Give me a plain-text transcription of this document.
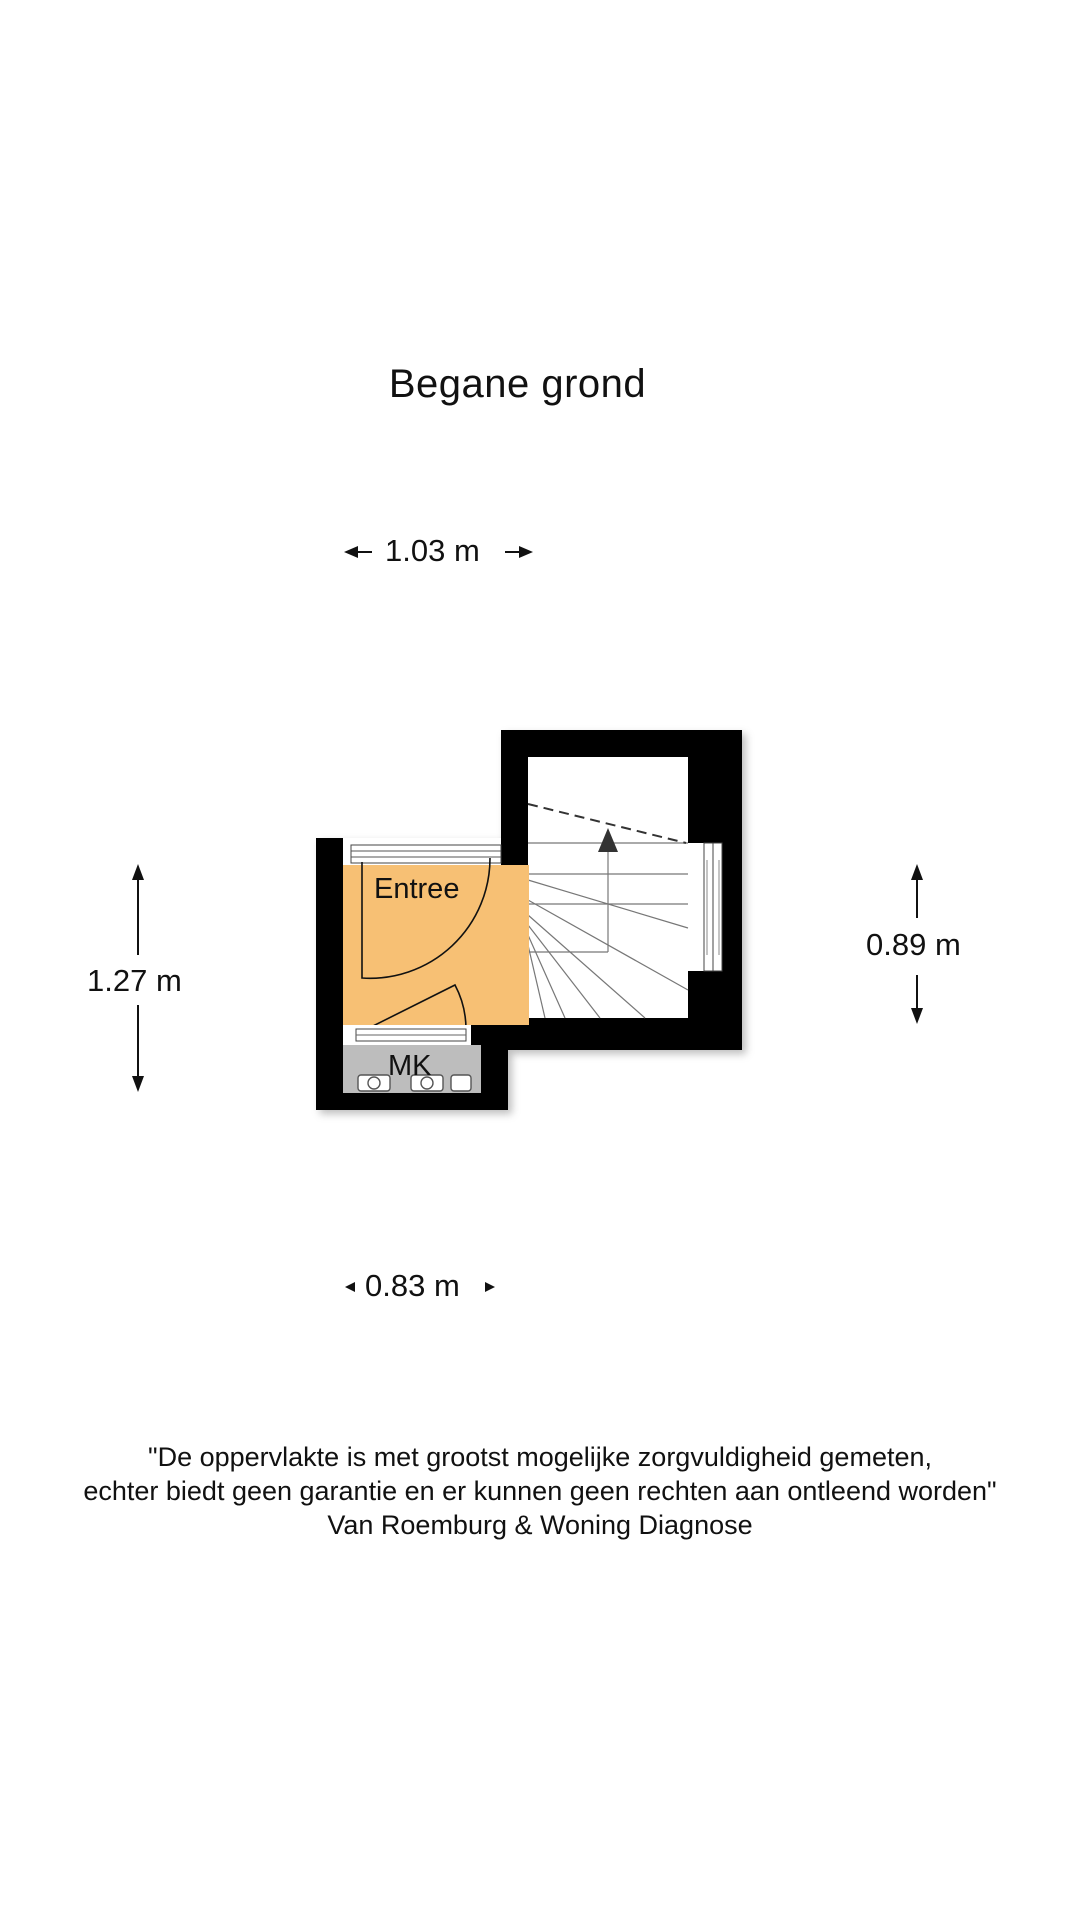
Begane grond
1.03 m
0.83 m
1.27 m
0.89 m
Entree
MK
"De oppervlakte is met grootst mogelijke zorgvuldigheid gemeten,
echter biedt geen garantie en er kunnen geen rechten aan ontleend worden"
Van Roemburg & Woning Diagnose
